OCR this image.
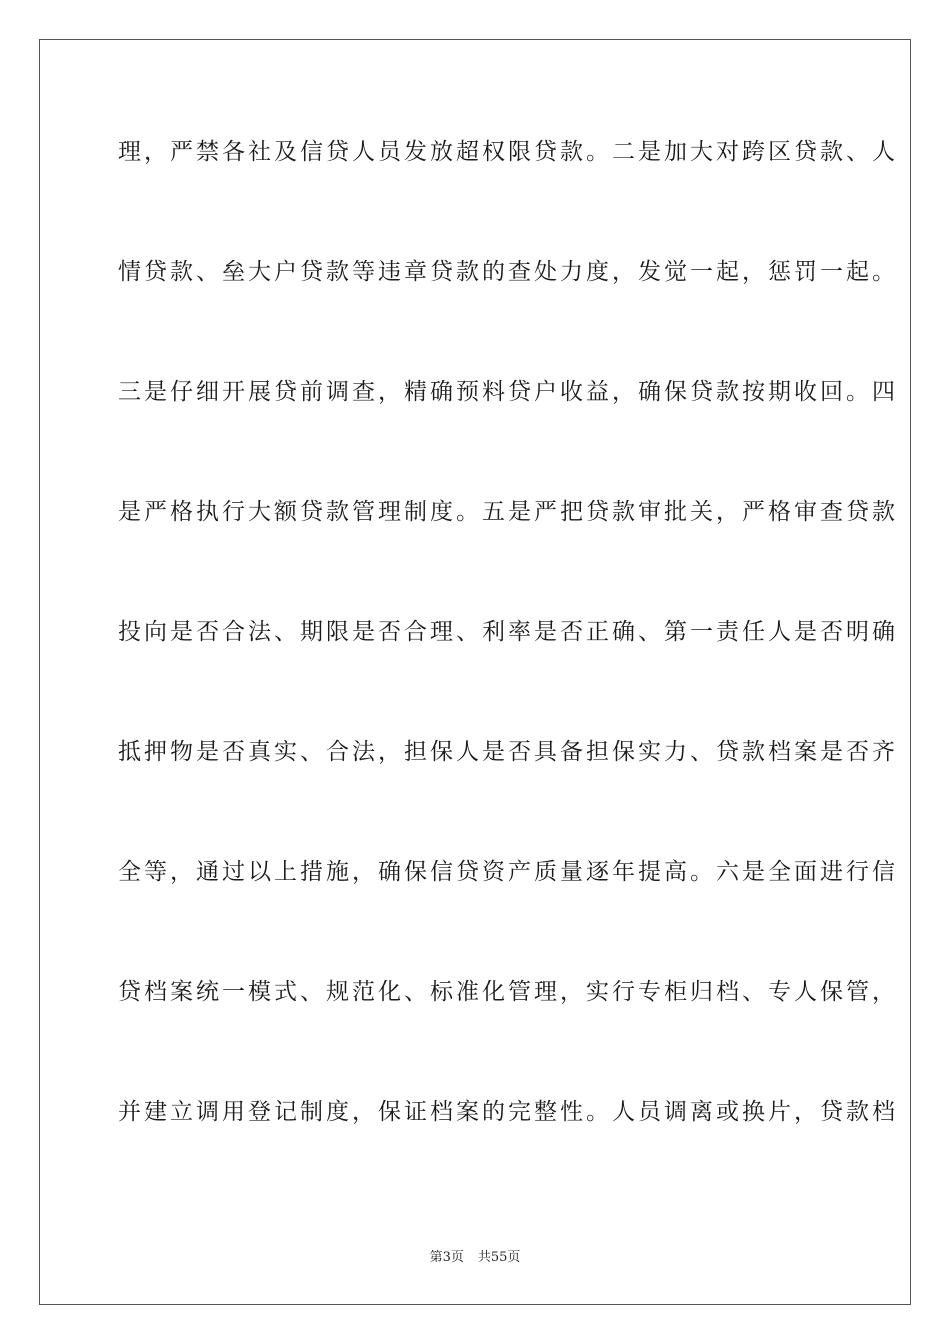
理，严禁各社及信贷人员发放超权限贷款。二是加大对跨区贷款、人
情贷款、垒大户贷款等违章贷款的查处力度，发觉一起，惩罚一起。
三是仔细开展贷前调查，精确预料贷户收益，确保贷款按期收回。四
是严格执行大额贷款管理制度。五是严把贷款审批关，严格审查贷款
投向是否合法、期限是否合理、利率是否正确、第一责任人是否明确
抵押物是否真实、合法，担保人是否具备担保实力、贷款档案是否齐
全等，通过以上措施，确保信贷资产质量逐年提高。六是全面进行信
贷档案统一模式、规范化、标准化管理，实行专柜归档、专人保管，
并建立调用登记制度，保证档案的完整性。人员调离或换片，贷款档
第3页 共55页
